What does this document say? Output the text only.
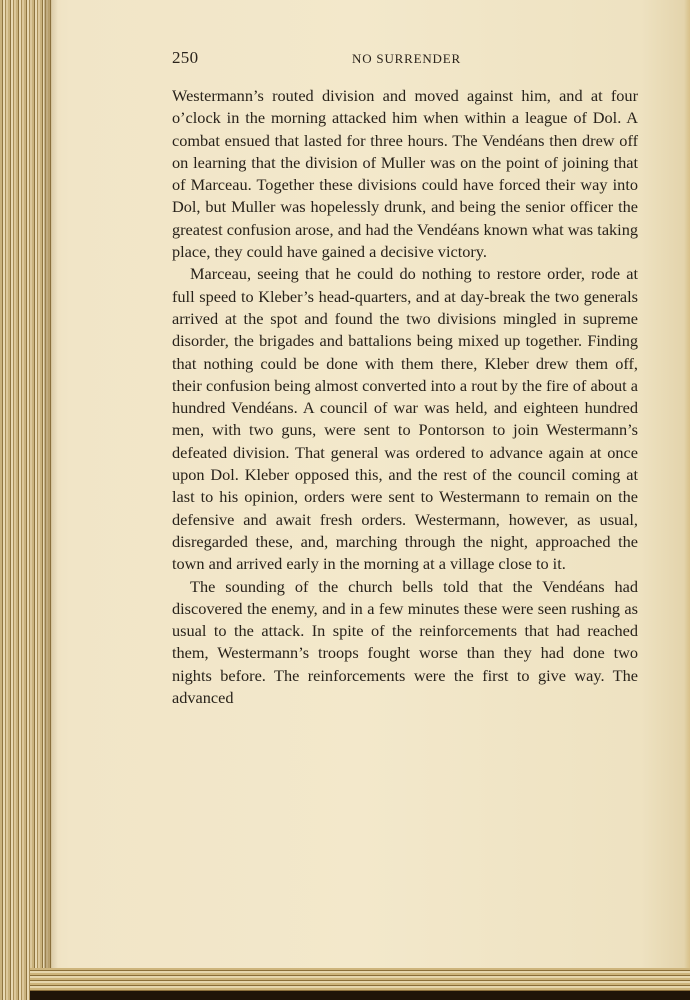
250	NO SURRENDER

Westermann’s routed division and moved against him, and at four o’clock in the morning attacked him when within a league of Dol. A combat ensued that lasted for three hours. The Vendéans then drew off on learning that the division of Muller was on the point of joining that of Marceau. Together these divisions could have forced their way into Dol, but Muller was hopelessly drunk, and being the senior officer the greatest confusion arose, and had the Vendéans known what was taking place, they could have gained a decisive victory.

Marceau, seeing that he could do nothing to restore order, rode at full speed to Kleber’s head-quarters, and at day-break the two generals arrived at the spot and found the two divisions mingled in supreme disorder, the brigades and battalions being mixed up together. Finding that nothing could be done with them there, Kleber drew them off, their confusion being almost converted into a rout by the fire of about a hundred Vendéans. A council of war was held, and eighteen hundred men, with two guns, were sent to Pontorson to join Westermann’s defeated division. That general was ordered to advance again at once upon Dol. Kleber opposed this, and the rest of the council coming at last to his opinion, orders were sent to Westermann to remain on the defensive and await fresh orders. Westermann, however, as usual, disregarded these, and, marching through the night, approached the town and arrived early in the morning at a village close to it.

The sounding of the church bells told that the Vendéans had discovered the enemy, and in a few minutes these were seen rushing as usual to the attack. In spite of the reinforcements that had reached them, Westermann’s troops fought worse than they had done two nights before. The reinforcements were the first to give way. The advanced
